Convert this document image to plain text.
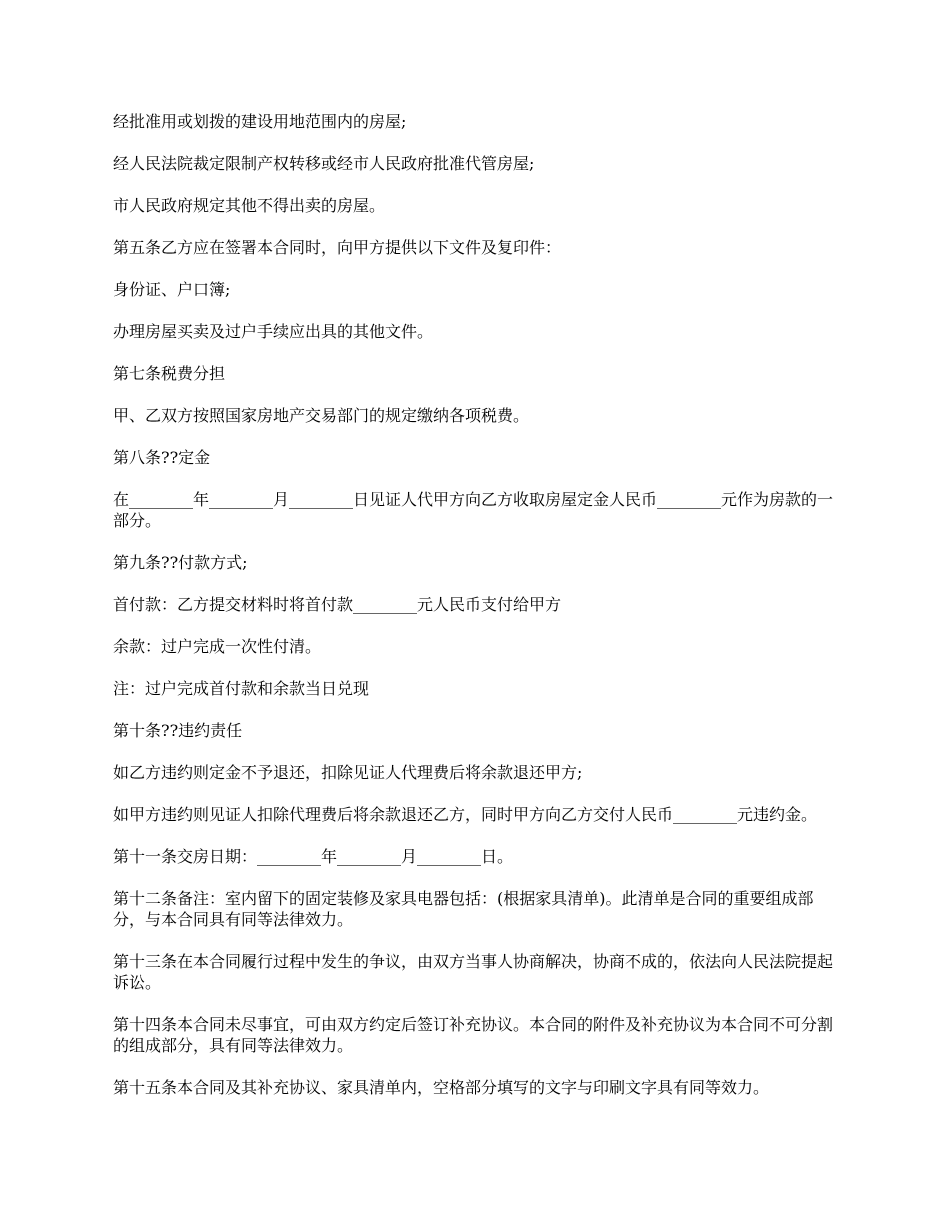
经批准用或划拨的建设用地范围内的房屋;

经人民法院裁定限制产权转移或经市人民政府批准代管房屋;

市人民政府规定其他不得出卖的房屋。

第五条乙方应在签署本合同时，向甲方提供以下文件及复印件：

身份证、户口簿;

办理房屋买卖及过户手续应出具的其他文件。

第七条税费分担

甲、乙双方按照国家房地产交易部门的规定缴纳各项税费。

第八条??定金

在________年________月________日见证人代甲方向乙方收取房屋定金人民币________元作为房款的一部分。

第九条??付款方式;

首付款：乙方提交材料时将首付款________元人民币支付给甲方

余款：过户完成一次性付清。

注：过户完成首付款和余款当日兑现

第十条??违约责任

如乙方违约则定金不予退还，扣除见证人代理费后将余款退还甲方;

如甲方违约则见证人扣除代理费后将余款退还乙方，同时甲方向乙方交付人民币________元违约金。

第十一条交房日期：________年________月________日。

第十二条备注：室内留下的固定装修及家具电器包括：(根据家具清单)。此清单是合同的重要组成部分，与本合同具有同等法律效力。

第十三条在本合同履行过程中发生的争议，由双方当事人协商解决，协商不成的，依法向人民法院提起诉讼。

第十四条本合同未尽事宜，可由双方约定后签订补充协议。本合同的附件及补充协议为本合同不可分割的组成部分，具有同等法律效力。

第十五条本合同及其补充协议、家具清单内，空格部分填写的文字与印刷文字具有同等效力。
